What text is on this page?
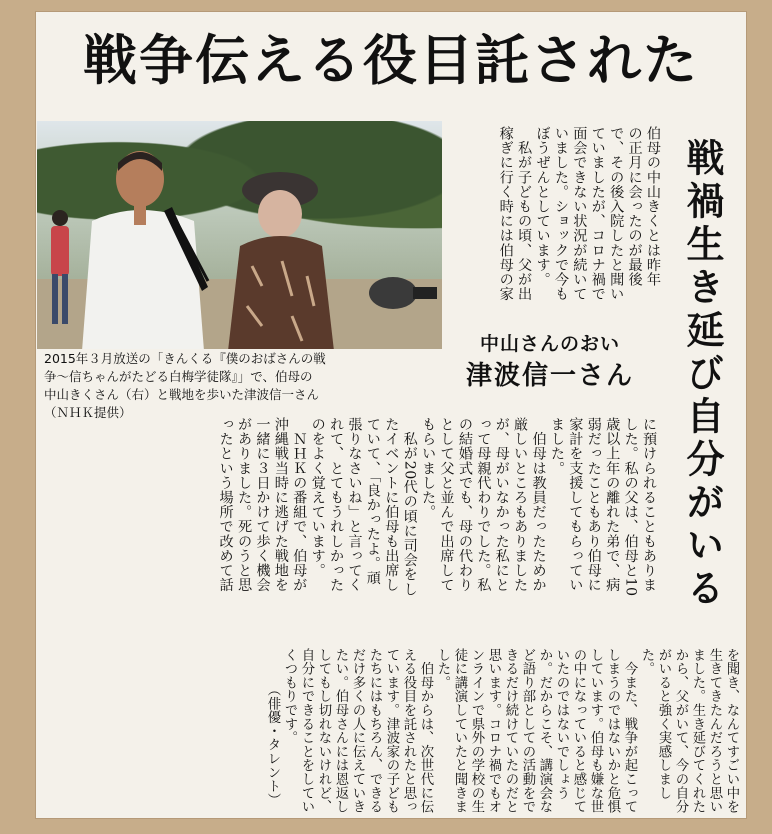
戦争伝える役目託された
2015年３月放送の「きんくる『僕のおばさんの戦
争～信ちゃんがたどる白梅学徒隊』」で、伯母の
中山きくさん（右）と戦地を歩いた津波信一さん
（ＮＨＫ提供）	戦禍生き延び自分がいる
伯母の中山きくとは昨年
の正月に会ったのが最後
で、その後入院したと聞い
ていましたが、コロナ禍で
面会できない状況が続いて
いました。ショックで今も
ぼうぜんとしています。
　私が子どもの頃、父が出
稼ぎに行く時には伯母の家
中山さんのおい
津波信一さん
に預けられることもありま
した。私の父は、伯母と10
歳以上年の離れた弟で、病
弱だったこともあり伯母に
家計を支援してもらってい
ました。
　伯母は教員だったためか
厳しいところもありました
が、母がいなかった私にと
って母親代わりでした。私
の結婚式でも、母の代わり
として父と並んで出席して
もらいました。
　私が20代の頃に司会をし
たイベントに伯母も出席し
ていて、「良かったよ。頑
張りなさいね」と言ってく
れて、とてもうれしかった
のをよく覚えています。
　ＮＨＫの番組で、伯母が
沖縄戦当時に逃げた戦地を
一緒に３日かけて歩く機会
がありました。死のうと思
ったという場所で改めて話
を聞き、なんてすごい中を
生きてきたんだろうと思い
ました。生き延びてくれた
から、父がいて、今の自分
がいると強く実感しまし
た。
　今また、戦争が起こって
しまうのではないかと危惧
しています。伯母も嫌な世
の中になっていると感じて
いたのではないでしょう
か。だからこそ、講演会な
ど語り部としての活動をで
きるだけ続けていたのだと
思います。コロナ禍でもオ
ンラインで県外の学校の生
徒に講演していたと聞きま
した。
　伯母からは、次世代に伝
える役目を託されたと思っ
ています。津波家の子ども
たちにはもちろん、できる
だけ多くの人に伝えていき
たい。伯母さんには恩返し
してもし切れないけれど、
自分にできることをしてい
くつもりです。
　　　（俳優・タレント）
